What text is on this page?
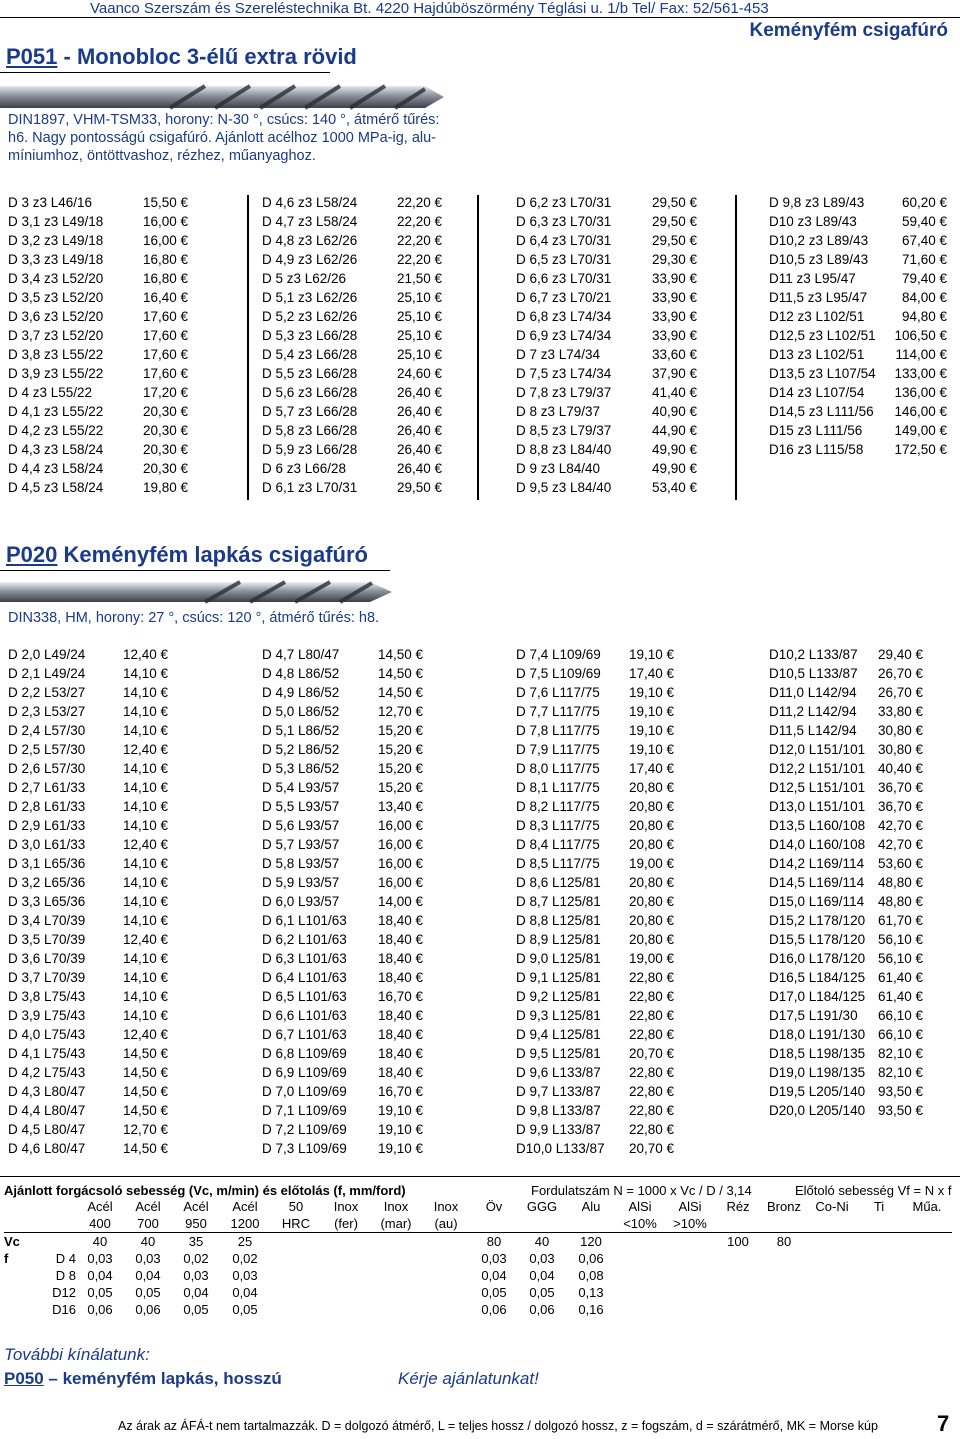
Vaanco Szerszám és Szereléstechnika Bt. 4220 Hajdúböszörmény Téglási u. 1/b Tel/ Fax: 52/561-453
Keményfém csigafúró
P051 - Monobloc 3-élű extra rövid
DIN1897, VHM-TSM33, horony: N-30 °, csúcs: 140 °, átmérő tűrés:
h6. Nagy pontosságú csigafúró. Ajánlott acélhoz 1000 MPa-ig, alu-
míniumhoz, öntöttvashoz, rézhez, műanyaghoz.
D 3 z3 L46/16	15,50 €
D 3,1 z3 L49/18	16,00 €
D 3,2 z3 L49/18	16,00 €
D 3,3 z3 L49/18	16,80 €
D 3,4 z3 L52/20	16,80 €
D 3,5 z3 L52/20	16,40 €
D 3,6 z3 L52/20	17,60 €
D 3,7 z3 L52/20	17,60 €
D 3,8 z3 L55/22	17,60 €
D 3,9 z3 L55/22	17,60 €
D 4 z3 L55/22	17,20 €
D 4,1 z3 L55/22	20,30 €
D 4,2 z3 L55/22	20,30 €
D 4,3 z3 L58/24	20,30 €
D 4,4 z3 L58/24	20,30 €
D 4,5 z3 L58/24	19,80 €
D 4,6 z3 L58/24	22,20 €
D 4,7 z3 L58/24	22,20 €
D 4,8 z3 L62/26	22,20 €
D 4,9 z3 L62/26	22,20 €
D 5 z3 L62/26	21,50 €
D 5,1 z3 L62/26	25,10 €
D 5,2 z3 L62/26	25,10 €
D 5,3 z3 L66/28	25,10 €
D 5,4 z3 L66/28	25,10 €
D 5,5 z3 L66/28	24,60 €
D 5,6 z3 L66/28	26,40 €
D 5,7 z3 L66/28	26,40 €
D 5,8 z3 L66/28	26,40 €
D 5,9 z3 L66/28	26,40 €
D 6 z3 L66/28	26,40 €
D 6,1 z3 L70/31	29,50 €
D 6,2 z3 L70/31	29,50 €
D 6,3 z3 L70/31	29,50 €
D 6,4 z3 L70/31	29,50 €
D 6,5 z3 L70/31	29,30 €
D 6,6 z3 L70/31	33,90 €
D 6,7 z3 L70/21	33,90 €
D 6,8 z3 L74/34	33,90 €
D 6,9 z3 L74/34	33,90 €
D 7 z3 L74/34	33,60 €
D 7,5 z3 L74/34	37,90 €
D 7,8 z3 L79/37	41,40 €
D 8 z3 L79/37	40,90 €
D 8,5 z3 L79/37	44,90 €
D 8,8 z3 L84/40	49,90 €
D 9 z3 L84/40	49,90 €
D 9,5 z3 L84/40	53,40 €
D 9,8 z3 L89/43	60,20 €
D10 z3 L89/43	59,40 €
D10,2 z3 L89/43	67,40 €
D10,5 z3 L89/43	71,60 €
D11 z3 L95/47	79,40 €
D11,5 z3 L95/47	84,00 €
D12 z3 L102/51	94,80 €
D12,5 z3 L102/51 106,50 €
D13 z3 L102/51 114,00 €
D13,5 z3 L107/54 133,00 €
D14 z3 L107/54 136,00 €
D14,5 z3 L111/56 146,00 €
D15 z3 L111/56 149,00 €
D16 z3 L115/58 172,50 €
P020 Keményfém lapkás csigafúró
DIN338, HM, horony: 27 °, csúcs: 120 °, átmérő tűrés: h8.
D 2,0 L49/24	12,40 €
D 2,1 L49/24	14,10 €
D 2,2 L53/27	14,10 €
D 2,3 L53/27	14,10 €
D 2,4 L57/30	14,10 €
D 2,5 L57/30	12,40 €
D 2,6 L57/30	14,10 €
D 2,7 L61/33	14,10 €
D 2,8 L61/33	14,10 €
D 2,9 L61/33	14,10 €
D 3,0 L61/33	12,40 €
D 3,1 L65/36	14,10 €
D 3,2 L65/36	14,10 €
D 3,3 L65/36	14,10 €
D 3,4 L70/39	14,10 €
D 3,5 L70/39	12,40 €
D 3,6 L70/39	14,10 €
D 3,7 L70/39	14,10 €
D 3,8 L75/43	14,10 €
D 3,9 L75/43	14,10 €
D 4,0 L75/43	12,40 €
D 4,1 L75/43	14,50 €
D 4,2 L75/43	14,50 €
D 4,3 L80/47	14,50 €
D 4,4 L80/47	14,50 €
D 4,5 L80/47	12,70 €
D 4,6 L80/47	14,50 €
D 4,7 L80/47	14,50 €
D 4,8 L86/52	14,50 €
D 4,9 L86/52	14,50 €
D 5,0 L86/52	12,70 €
D 5,1 L86/52	15,20 €
D 5,2 L86/52	15,20 €
D 5,3 L86/52	15,20 €
D 5,4 L93/57	15,20 €
D 5,5 L93/57	13,40 €
D 5,6 L93/57	16,00 €
D 5,7 L93/57	16,00 €
D 5,8 L93/57	16,00 €
D 5,9 L93/57	16,00 €
D 6,0 L93/57	14,00 €
D 6,1 L101/63 18,40 €
D 6,2 L101/63 18,40 €
D 6,3 L101/63 18,40 €
D 6,4 L101/63 18,40 €
D 6,5 L101/63 16,70 €
D 6,6 L101/63 18,40 €
D 6,7 L101/63 18,40 €
D 6,8 L109/69 18,40 €
D 6,9 L109/69 18,40 €
D 7,0 L109/69 16,70 €
D 7,1 L109/69 19,10 €
D 7,2 L109/69 19,10 €
D 7,3 L109/69 19,10 €
D 7,4 L109/69 19,10 €
D 7,5 L109/69 17,40 €
D 7,6 L117/75 19,10 €
D 7,7 L117/75 19,10 €
D 7,8 L117/75 19,10 €
D 7,9 L117/75 19,10 €
D 8,0 L117/75 17,40 €
D 8,1 L117/75 20,80 €
D 8,2 L117/75 20,80 €
D 8,3 L117/75 20,80 €
D 8,4 L117/75 20,80 €
D 8,5 L117/75 19,00 €
D 8,6 L125/81 20,80 €
D 8,7 L125/81 20,80 €
D 8,8 L125/81 20,80 €
D 8,9 L125/81 20,80 €
D 9,0 L125/81 19,00 €
D 9,1 L125/81 22,80 €
D 9,2 L125/81 22,80 €
D 9,3 L125/81 22,80 €
D 9,4 L125/81 22,80 €
D 9,5 L125/81 20,70 €
D 9,6 L133/87 22,80 €
D 9,7 L133/87 22,80 €
D 9,8 L133/87 22,80 €
D 9,9 L133/87 22,80 €
D10,0 L133/87 20,70 €
D10,2 L133/87 29,40 €
D10,5 L133/87 26,70 €
D11,0 L142/94 26,70 €
D11,2 L142/94 33,80 €
D11,5 L142/94 30,80 €
D12,0 L151/101 30,80 €
D12,2 L151/101 40,40 €
D12,5 L151/101 36,70 €
D13,0 L151/101 36,70 €
D13,5 L160/108 42,70 €
D14,0 L160/108 42,70 €
D14,2 L169/114 53,60 €
D14,5 L169/114 48,80 €
D15,0 L169/114 48,80 €
D15,2 L178/120 61,70 €
D15,5 L178/120 56,10 €
D16,0 L178/120 56,10 €
D16,5 L184/125 61,40 €
D17,0 L184/125 61,40 €
D17,5 L191/30 66,10 €
D18,0 L191/130 66,10 €
D18,5 L198/135 82,10 €
D19,0 L198/135 82,10 €
D19,5 L205/140 93,50 €
D20,0 L205/140 93,50 €
Ajánlott forgácsoló sebesség (Vc, m/min) és előtolás (f, mm/ford)	Fordulatszám N = 1000 x Vc / D / 3,14	Előtoló sebesség Vf = N x f
		Acél	Acél	Acél	Acél	50	Inox	Inox	Inox	Öv	GGG	Alu	AlSi	AlSi	Réz	Bronz	Co-Ni	Ti	Műa.
		400	700	950	1200	HRC	(fer)	(mar)	(au)				<10%	>10%					
Vc		40	40	35	25					80	40	120			100	80			
f	D 4	0,03	0,03	0,02	0,02					0,03	0,03	0,06							
	D 8	0,04	0,04	0,03	0,03					0,04	0,04	0,08							
	D12	0,05	0,05	0,04	0,04					0,05	0,05	0,13							
	D16	0,06	0,06	0,05	0,05					0,06	0,06	0,16							
További kínálatunk:
P050 – keményfém lapkás, hosszú	Kérje ajánlatunkat!
Az árak az ÁFÁ-t nem tartalmazzák. D = dolgozó átmérő, L = teljes hossz / dolgozó hossz, z = fogszám, d = szárátmérő, MK = Morse kúp	7
